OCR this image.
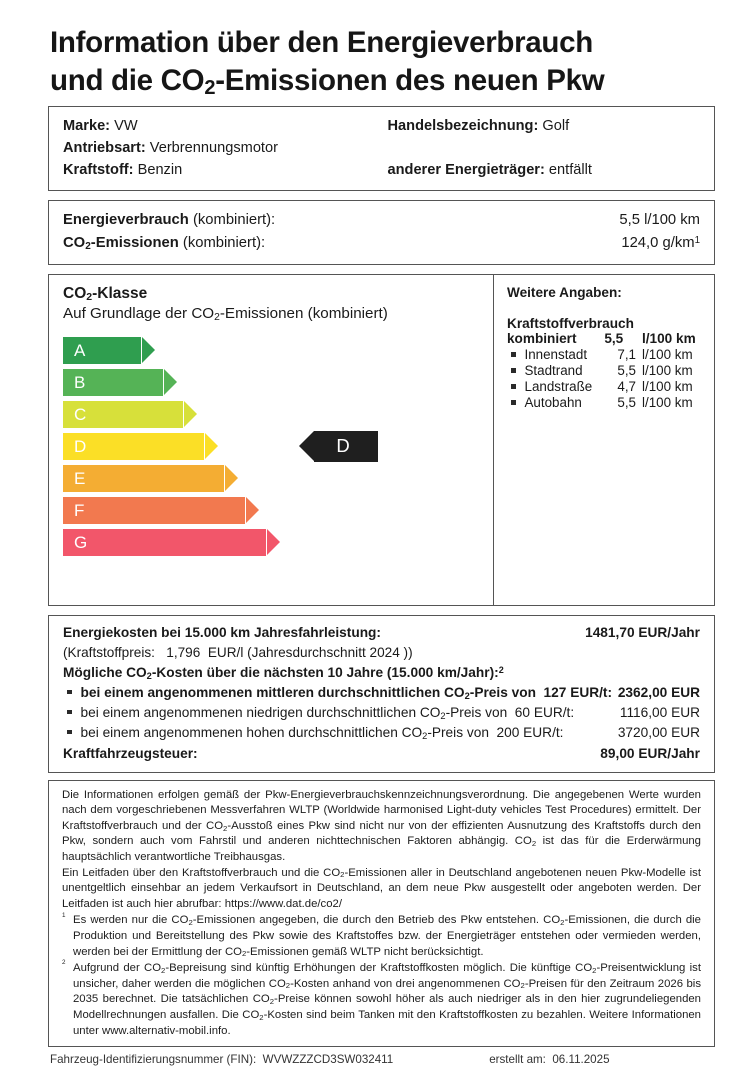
Information über den Energieverbrauch
und die $CO_2$-Emissionen des neuen Pkw
Marke: VW
Antriebsart: Verbrennungsmotor
Kraftstoff: Benzin
Handelsbezeichnung: Golf
anderer Energieträger: entfällt
Energieverbrauch (kombiniert):	5,5 l/100 km
$CO_2$-Emissionen (kombiniert):	124,0 $g/km^1$
$CO_2$-Klasse
Auf Grundlage der $CO_2$-Emissionen (kombiniert)
A
B
C
D
E
F
G
D
Weitere Angaben:
Kraftstoffverbrauch
kombiniert	5,5	l/100 km
Innenstadt	7,1 l/100 km
Stadtrand	5,5 l/100 km
Landstraße	4,7 l/100 km
Autobahn	5,5 l/100 km
Energiekosten bei 15.000 km Jahresfahrleistung:	1481,70 EUR/Jahr
(Kraftstoffpreis: 1,796 EUR/l (Jahresdurchschnitt 2024 ))
Mögliche $CO_2$-Kosten über die nächsten 10 Jahre (15.000 km/Jahr):$^2$
bei einem angenommenen mittleren durchschnittlichen $CO_2$-Preis von  127 EUR/t: 2362,00 EUR
bei einem angenommenen niedrigen durchschnittlichen $CO_2$-Preis von  60 EUR/t:	1116,00 EUR
bei einem angenommenen hohen durchschnittlichen $CO_2$-Preis von  200 EUR/t:	3720,00 EUR
Kraftfahrzeugsteuer:	89,00 EUR/Jahr

Die Informationen erfolgen gemäß der Pkw-Energieverbrauchskennzeichnungsverordnung. Die angegebenen Werte wurden nach dem vorgeschriebenen Messverfahren WLTP (Worldwide harmonised Light-duty vehicles Test Procedures) ermittelt. Der Kraftstoffverbrauch und der $CO_2$-Ausstoß eines Pkw sind nicht nur von der effizienten Ausnutzung des Kraftstoffs durch den Pkw, sondern auch vom Fahrstil und anderen nichttechnischen Faktoren abhängig. $CO_2$ ist das für die Erderwärmung hauptsächlich verantwortliche Treibhausgas.

Ein Leitfaden über den Kraftstoffverbrauch und die $CO_2$-Emissionen aller in Deutschland angebotenen neuen Pkw-Modelle ist unentgeltlich einsehbar an jedem Verkaufsort in Deutschland, an dem neue Pkw ausgestellt oder angeboten werden. Der Leitfaden ist auch hier abrufbar: https://www.dat.de/co2/

$^1$ Es werden nur die $CO_2$-Emissionen angegeben, die durch den Betrieb des Pkw entstehen. $CO_2$-Emissionen, die durch die Produktion und Bereitstellung des Pkw sowie des Kraftstoffes bzw. der Energieträger entstehen oder vermieden werden, werden bei der Ermittlung der $CO_2$-Emissionen gemäß WLTP nicht berücksichtigt.
$^2$ Aufgrund der $CO_2$-Bepreisung sind künftig Erhöhungen der Kraftstoffkosten möglich. Die künftige $CO_2$-Preisentwicklung ist unsicher, daher werden die möglichen $CO_2$-Kosten anhand von drei angenommenen $CO_2$-Preisen für den Zeitraum 2026 bis 2035 berechnet. Die tatsächlichen $CO_2$-Preise können sowohl höher als auch niedriger als in den hier zugrundeliegenden Modellrechnungen ausfallen. Die $CO_2$-Kosten sind beim Tanken mit den Kraftstoffkosten zu bezahlen. Weitere Informationen unter www.alternativ-mobil.info.
Fahrzeug-Identifizierungsnummer (FIN): WVWZZZCD3SW032411	erstellt am: 06.11.2025
